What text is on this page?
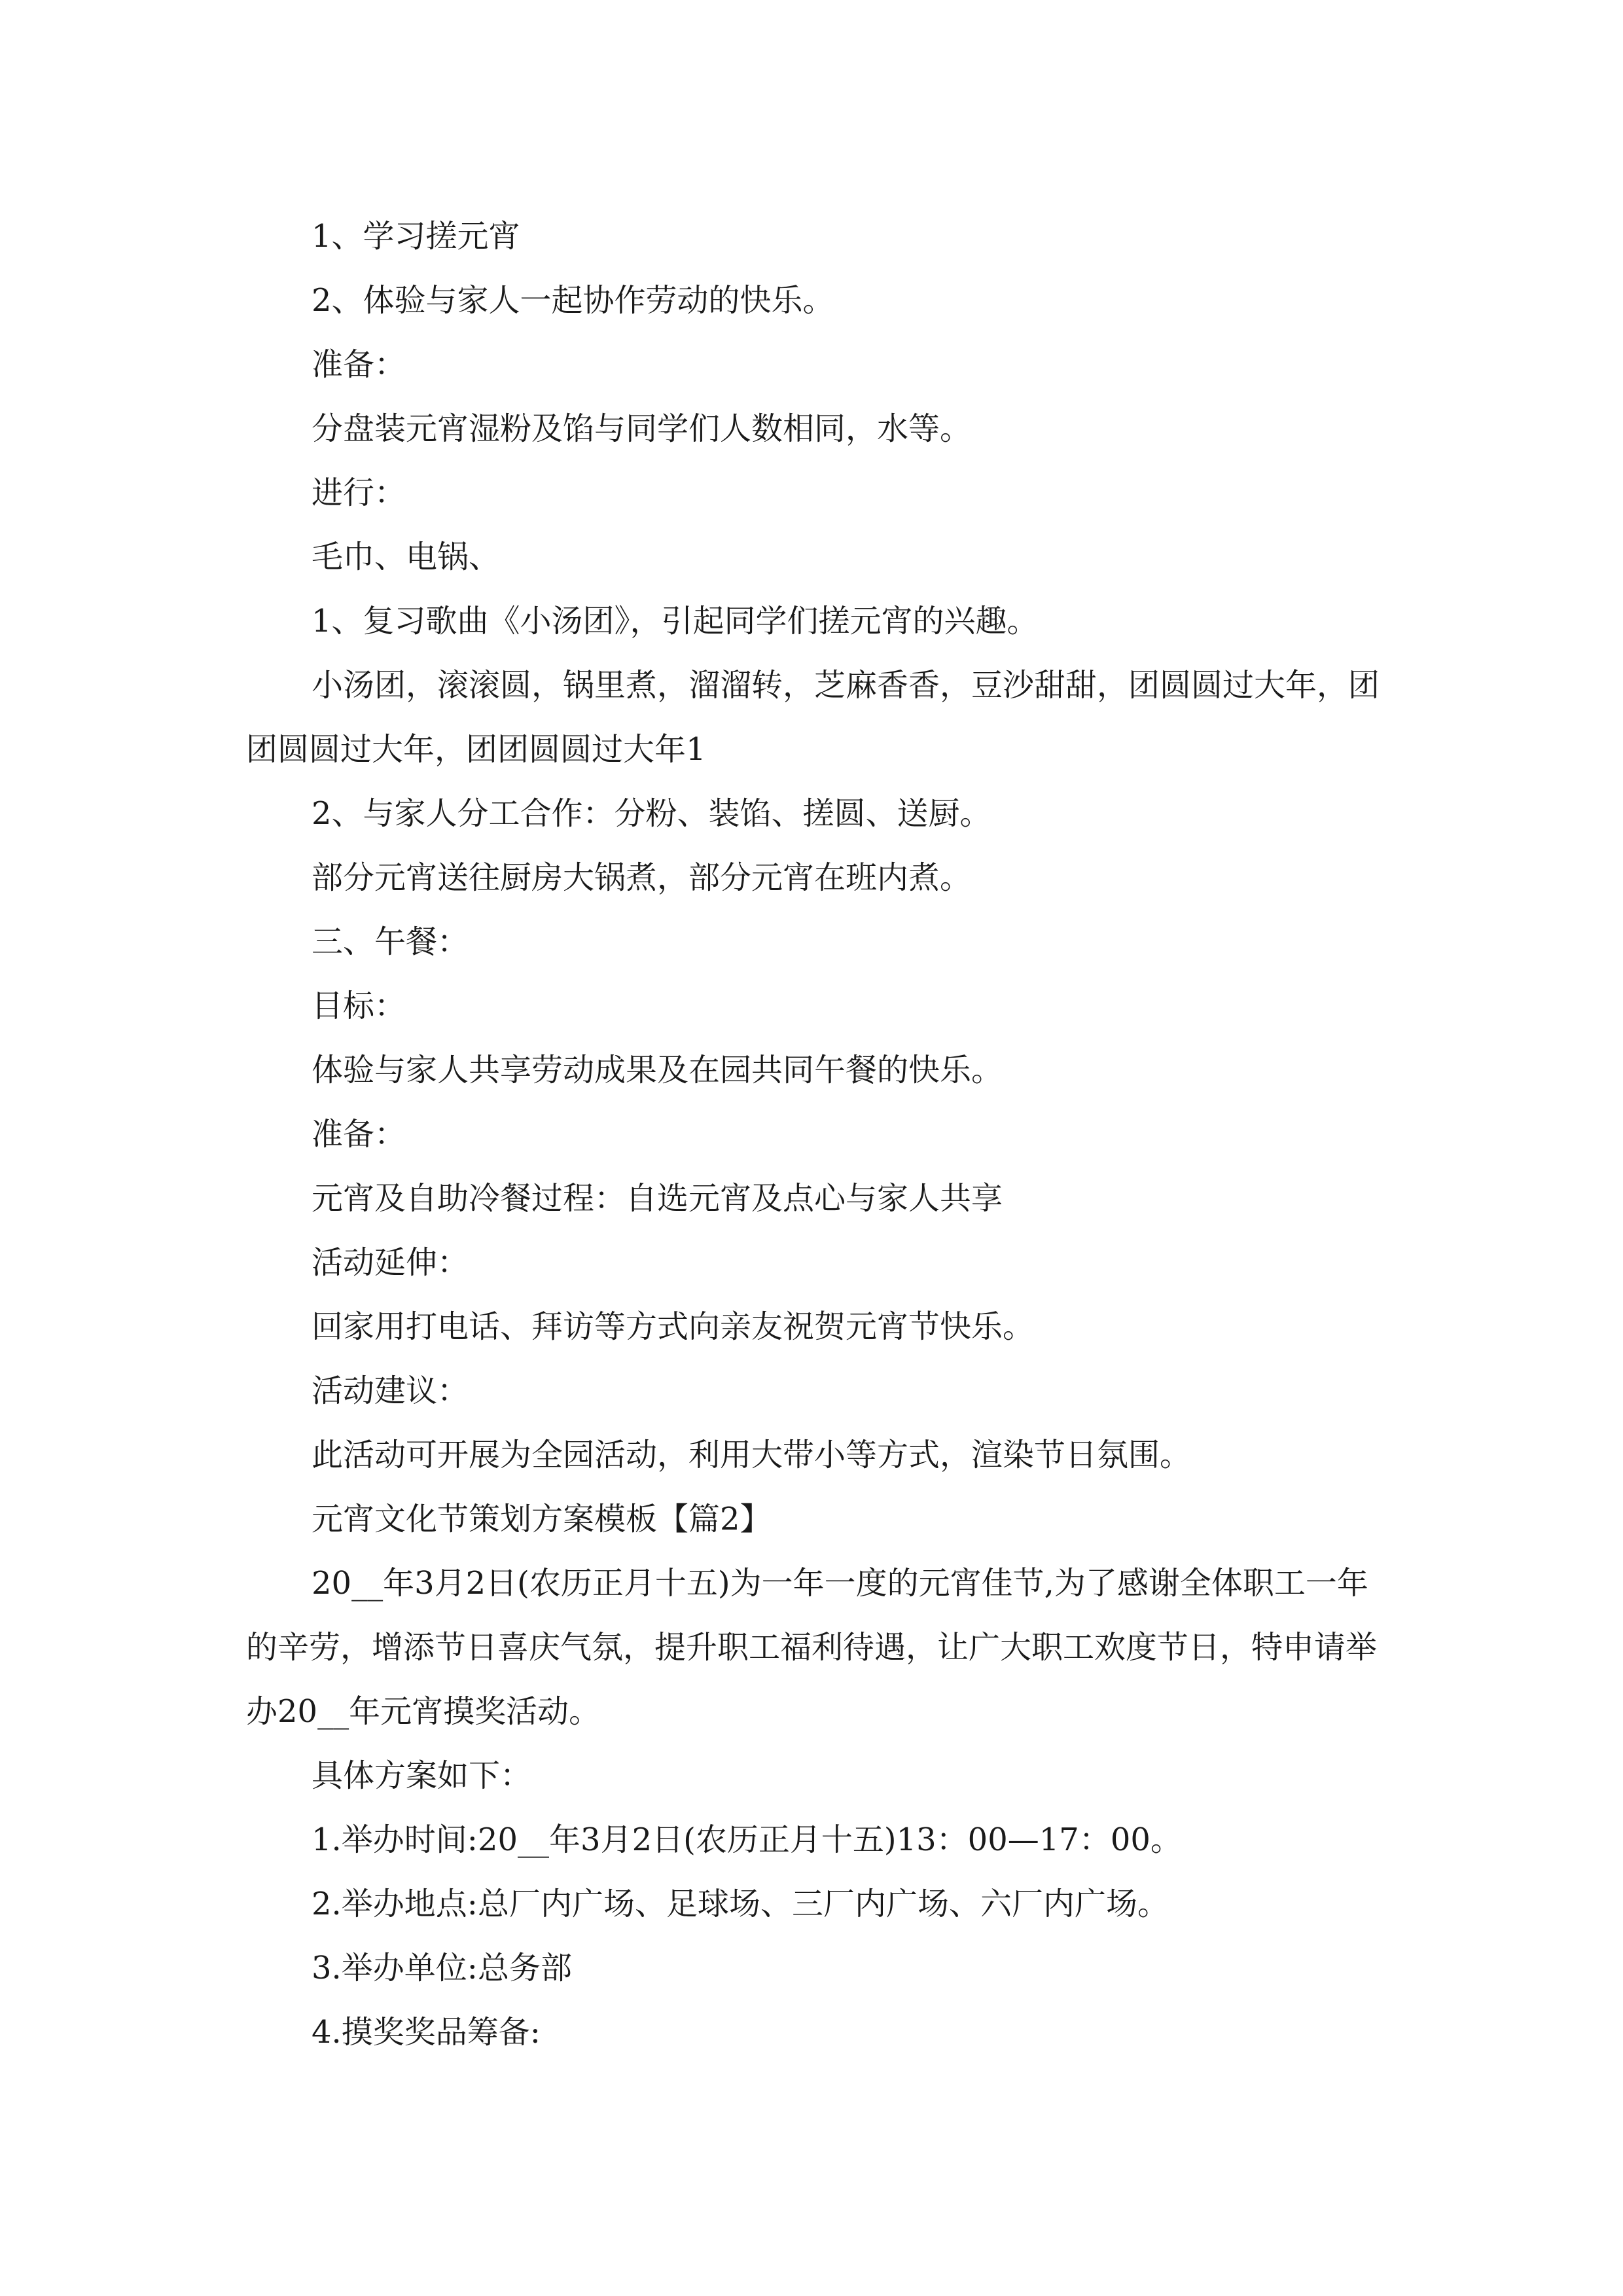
1、学习搓元宵

2、体验与家人一起协作劳动的快乐。

准备：

分盘装元宵湿粉及馅与同学们人数相同，水等。

进行：

毛巾、电锅、

1、复习歌曲《小汤团》，引起同学们搓元宵的兴趣。

小汤团，滚滚圆，锅里煮，溜溜转，芝麻香香，豆沙甜甜，团圆圆过大年，团团圆圆过大年，团团圆圆过大年1

2、与家人分工合作：分粉、装馅、搓圆、送厨。

部分元宵送往厨房大锅煮，部分元宵在班内煮。

三、午餐：

目标：

体验与家人共享劳动成果及在园共同午餐的快乐。

准备：

元宵及自助冷餐过程：自选元宵及点心与家人共享

活动延伸：

回家用打电话、拜访等方式向亲友祝贺元宵节快乐。

活动建议：

此活动可开展为全园活动，利用大带小等方式，渲染节日氛围。

元宵文化节策划方案模板【篇2】

20__年3月2日(农历正月十五)为一年一度的元宵佳节,为了感谢全体职工一年的辛劳，增添节日喜庆气氛，提升职工福利待遇，让广大职工欢度节日，特申请举办20__年元宵摸奖活动。

具体方案如下：

1.举办时间:20__年3月2日(农历正月十五)13：00—17：00。

2.举办地点:总厂内广场、足球场、三厂内广场、六厂内广场。

3.举办单位:总务部

4.摸奖奖品筹备:
